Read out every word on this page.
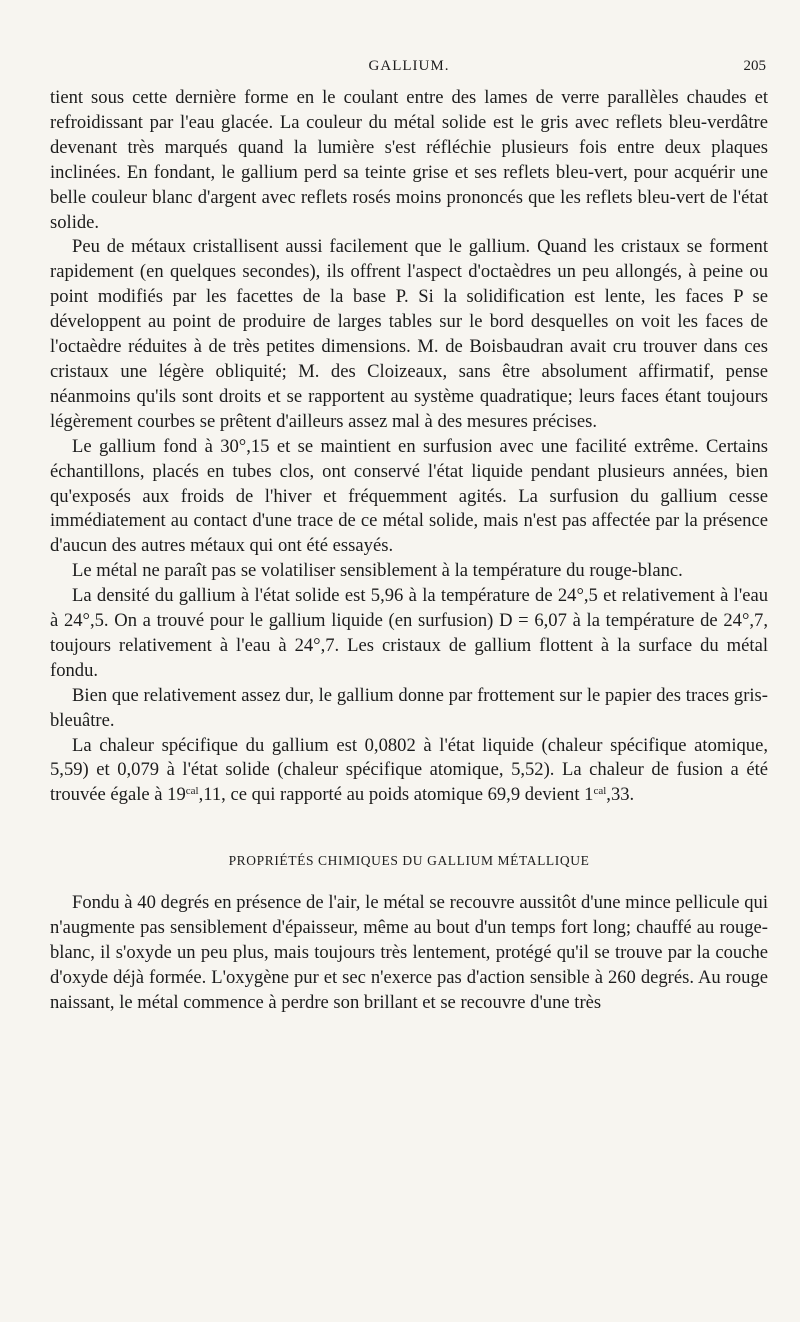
GALLIUM.	205

tient sous cette dernière forme en le coulant entre des lames de verre parallèles chaudes et refroidissant par l'eau glacée. La couleur du métal solide est le gris avec reflets bleu-verdâtre devenant très marqués quand la lumière s'est réfléchie plusieurs fois entre deux plaques inclinées. En fondant, le gallium perd sa teinte grise et ses reflets bleu-vert, pour acquérir une belle couleur blanc d'argent avec reflets rosés moins prononcés que les reflets bleu-vert de l'état solide.

Peu de métaux cristallisent aussi facilement que le gallium. Quand les cristaux se forment rapidement (en quelques secondes), ils offrent l'aspect d'octaèdres un peu allongés, à peine ou point modifiés par les facettes de la base P. Si la solidification est lente, les faces P se développent au point de produire de larges tables sur le bord desquelles on voit les faces de l'octaèdre réduites à de très petites dimensions. M. de Boisbaudran avait cru trouver dans ces cristaux une légère obliquité; M. des Cloizeaux, sans être absolument affirmatif, pense néanmoins qu'ils sont droits et se rapportent au système quadratique; leurs faces étant toujours légèrement courbes se prêtent d'ailleurs assez mal à des mesures précises.

Le gallium fond à 30°,15 et se maintient en surfusion avec une facilité extrême. Certains échantillons, placés en tubes clos, ont conservé l'état liquide pendant plusieurs années, bien qu'exposés aux froids de l'hiver et fréquemment agités. La surfusion du gallium cesse immédiatement au contact d'une trace de ce métal solide, mais n'est pas affectée par la présence d'aucun des autres métaux qui ont été essayés.

Le métal ne paraît pas se volatiliser sensiblement à la température du rouge-blanc.

La densité du gallium à l'état solide est 5,96 à la température de 24°,5 et relativement à l'eau à 24°,5. On a trouvé pour le gallium liquide (en surfusion) D = 6,07 à la température de 24°,7, toujours relativement à l'eau à 24°,7. Les cristaux de gallium flottent à la surface du métal fondu.

Bien que relativement assez dur, le gallium donne par frottement sur le papier des traces gris-bleuâtre.

La chaleur spécifique du gallium est 0,0802 à l'état liquide (chaleur spécifique atomique, 5,59) et 0,079 à l'état solide (chaleur spécifique atomique, 5,52). La chaleur de fusion a été trouvée égale à $19^{cal},11$, ce qui rapporté au poids atomique 69,9 devient $1^{cal},33$.

PROPRIÉTÉS CHIMIQUES DU GALLIUM MÉTALLIQUE

Fondu à 40 degrés en présence de l'air, le métal se recouvre aussitôt d'une mince pellicule qui n'augmente pas sensiblement d'épaisseur, même au bout d'un temps fort long; chauffé au rouge-blanc, il s'oxyde un peu plus, mais toujours très lentement, protégé qu'il se trouve par la couche d'oxyde déjà formée. L'oxygène pur et sec n'exerce pas d'action sensible à 260 degrés. Au rouge naissant, le métal commence à perdre son brillant et se recouvre d'une très
